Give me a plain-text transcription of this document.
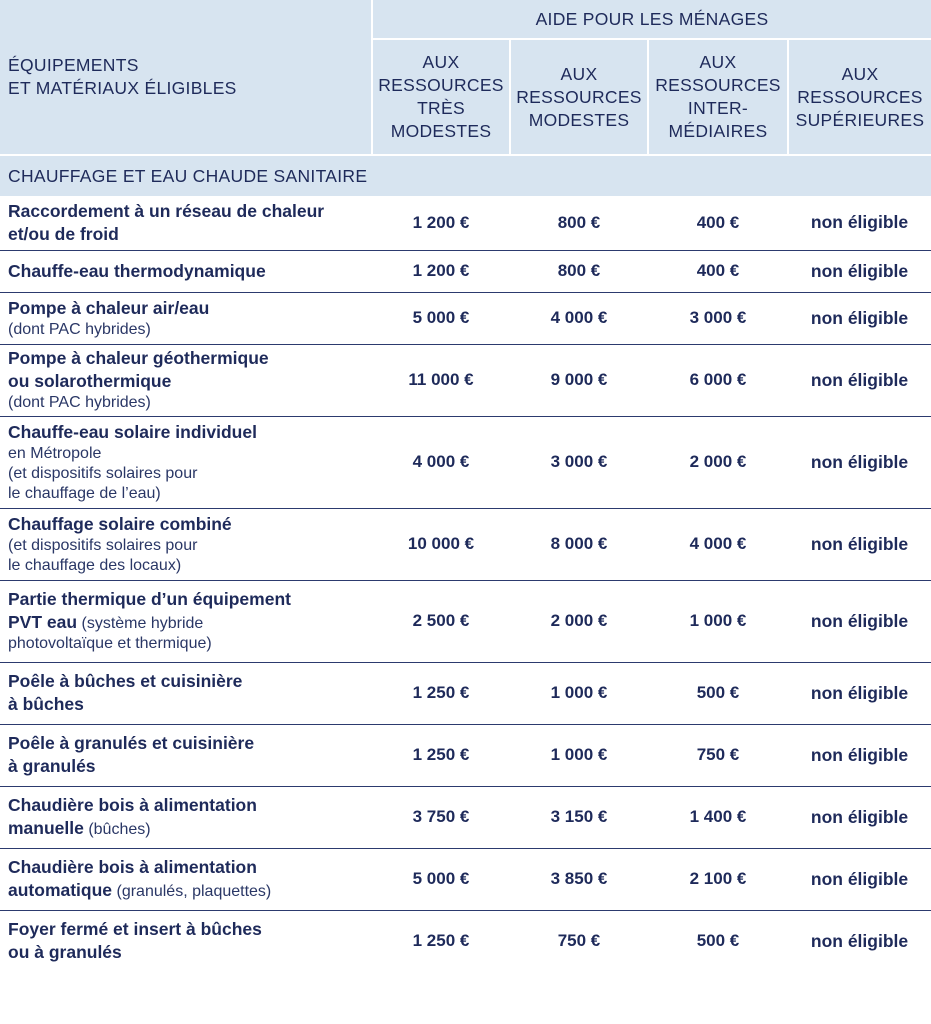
ÉQUIPEMENTS
ET MATÉRIAUX ÉLIGIBLES	AIDE POUR LES MÉNAGES			
	AUX
RESSOURCES
TRÈS
MODESTES	AUX
RESSOURCES
MODESTES	AUX
RESSOURCES
INTER-
MÉDIAIRES	AUX
RESSOURCES
SUPÉRIEURES
CHAUFFAGE ET EAU CHAUDE SANITAIRE				
Raccordement à un réseau de chaleur
et/ou de froid	1 200 €	800 €	400 €	non éligible
Chauffe-eau thermodynamique	1 200 €	800 €	400 €	non éligible
Pompe à chaleur air/eau
(dont PAC hybrides)	5 000 €	4 000 €	3 000 €	non éligible
Pompe à chaleur géothermique
ou solarothermique
(dont PAC hybrides)	11 000 €	9 000 €	6 000 €	non éligible
Chauffe-eau solaire individuel
en Métropole
(et dispositifs solaires pour
le chauffage de l’eau)	4 000 €	3 000 €	2 000 €	non éligible
Chauffage solaire combiné
(et dispositifs solaires pour
le chauffage des locaux)	10 000 €	8 000 €	4 000 €	non éligible
Partie thermique d’un équipement
PVT eau (système hybride
photovoltaïque et thermique)	2 500 €	2 000 €	1 000 €	non éligible
Poêle à bûches et cuisinière
à bûches	1 250 €	1 000 €	500 €	non éligible
Poêle à granulés et cuisinière
à granulés	1 250 €	1 000 €	750 €	non éligible
Chaudière bois à alimentation
manuelle (bûches)	3 750 €	3 150 €	1 400 €	non éligible
Chaudière bois à alimentation
automatique (granulés, plaquettes)	5 000 €	3 850 €	2 100 €	non éligible
Foyer fermé et insert à bûches
ou à granulés	1 250 €	750 €	500 €	non éligible
